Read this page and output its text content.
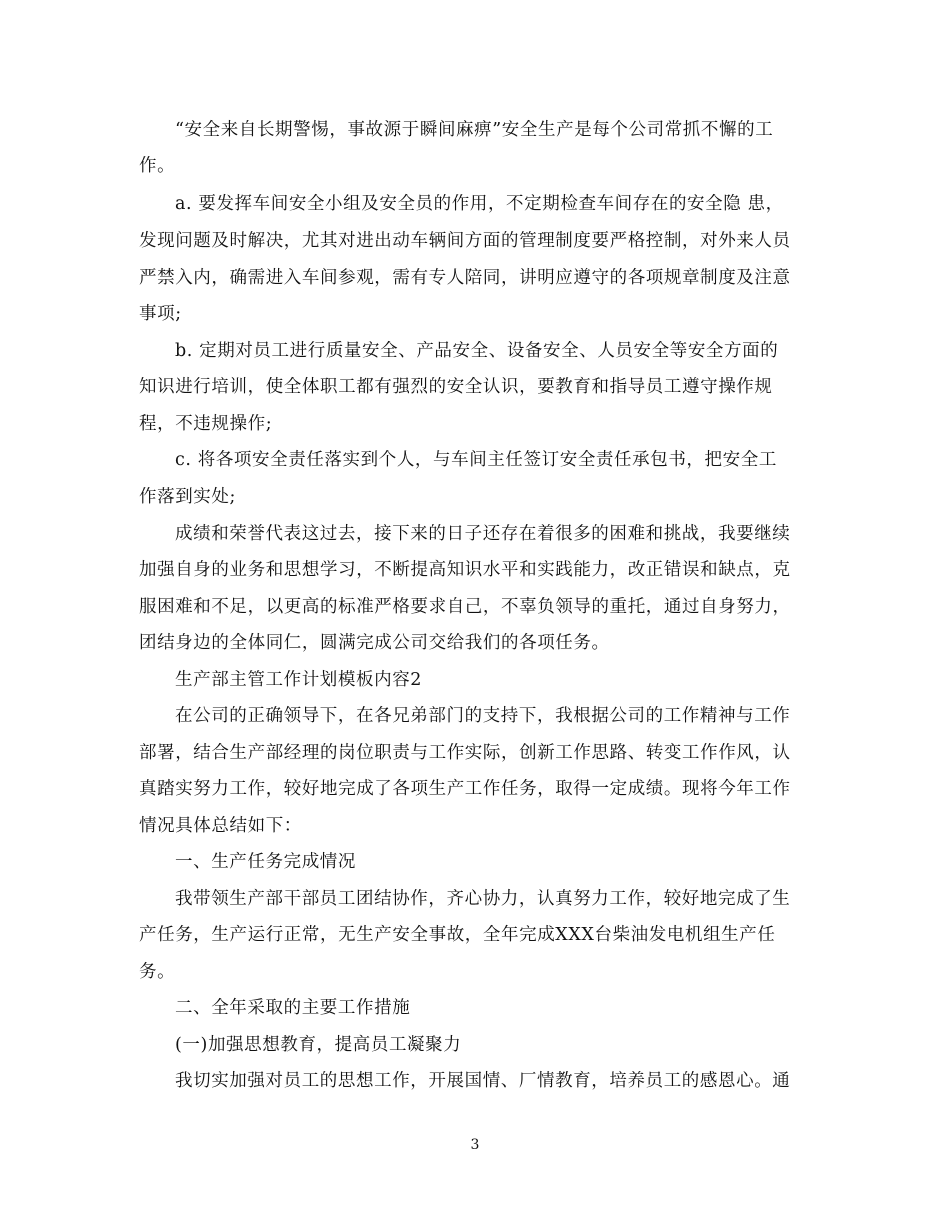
“安全来自长期警惕，事故源于瞬间麻痹”安全生产是每个公司常抓不懈的工
作。
a. 要发挥车间安全小组及安全员的作用，不定期检查车间存在的安全隐 患，
发现问题及时解决，尤其对进出动车辆间方面的管理制度要严格控制，对外来人员
严禁入内，确需进入车间参观，需有专人陪同，讲明应遵守的各项规章制度及注意
事项;
b. 定期对员工进行质量安全、产品安全、设备安全、人员安全等安全方面的
知识进行培训，使全体职工都有强烈的安全认识，要教育和指导员工遵守操作规
程，不违规操作;
c. 将各项安全责任落实到个人，与车间主任签订安全责任承包书，把安全工
作落到实处;
成绩和荣誉代表这过去，接下来的日子还存在着很多的困难和挑战，我要继续
加强自身的业务和思想学习，不断提高知识水平和实践能力，改正错误和缺点，克
服困难和不足，以更高的标准严格要求自己，不辜负领导的重托，通过自身努力，
团结身边的全体同仁，圆满完成公司交给我们的各项任务。
生产部主管工作计划模板内容2
在公司的正确领导下，在各兄弟部门的支持下，我根据公司的工作精神与工作
部署，结合生产部经理的岗位职责与工作实际，创新工作思路、转变工作作风，认
真踏实努力工作，较好地完成了各项生产工作任务，取得一定成绩。现将今年工作
情况具体总结如下：
一、生产任务完成情况
我带领生产部干部员工团结协作，齐心协力，认真努力工作，较好地完成了生
产任务，生产运行正常，无生产安全事故，全年完成XXX台柴油发电机组生产任
务。
二、全年采取的主要工作措施
(一)加强思想教育，提高员工凝聚力
我切实加强对员工的思想工作，开展国情、厂情教育，培养员工的感恩心。通
3
